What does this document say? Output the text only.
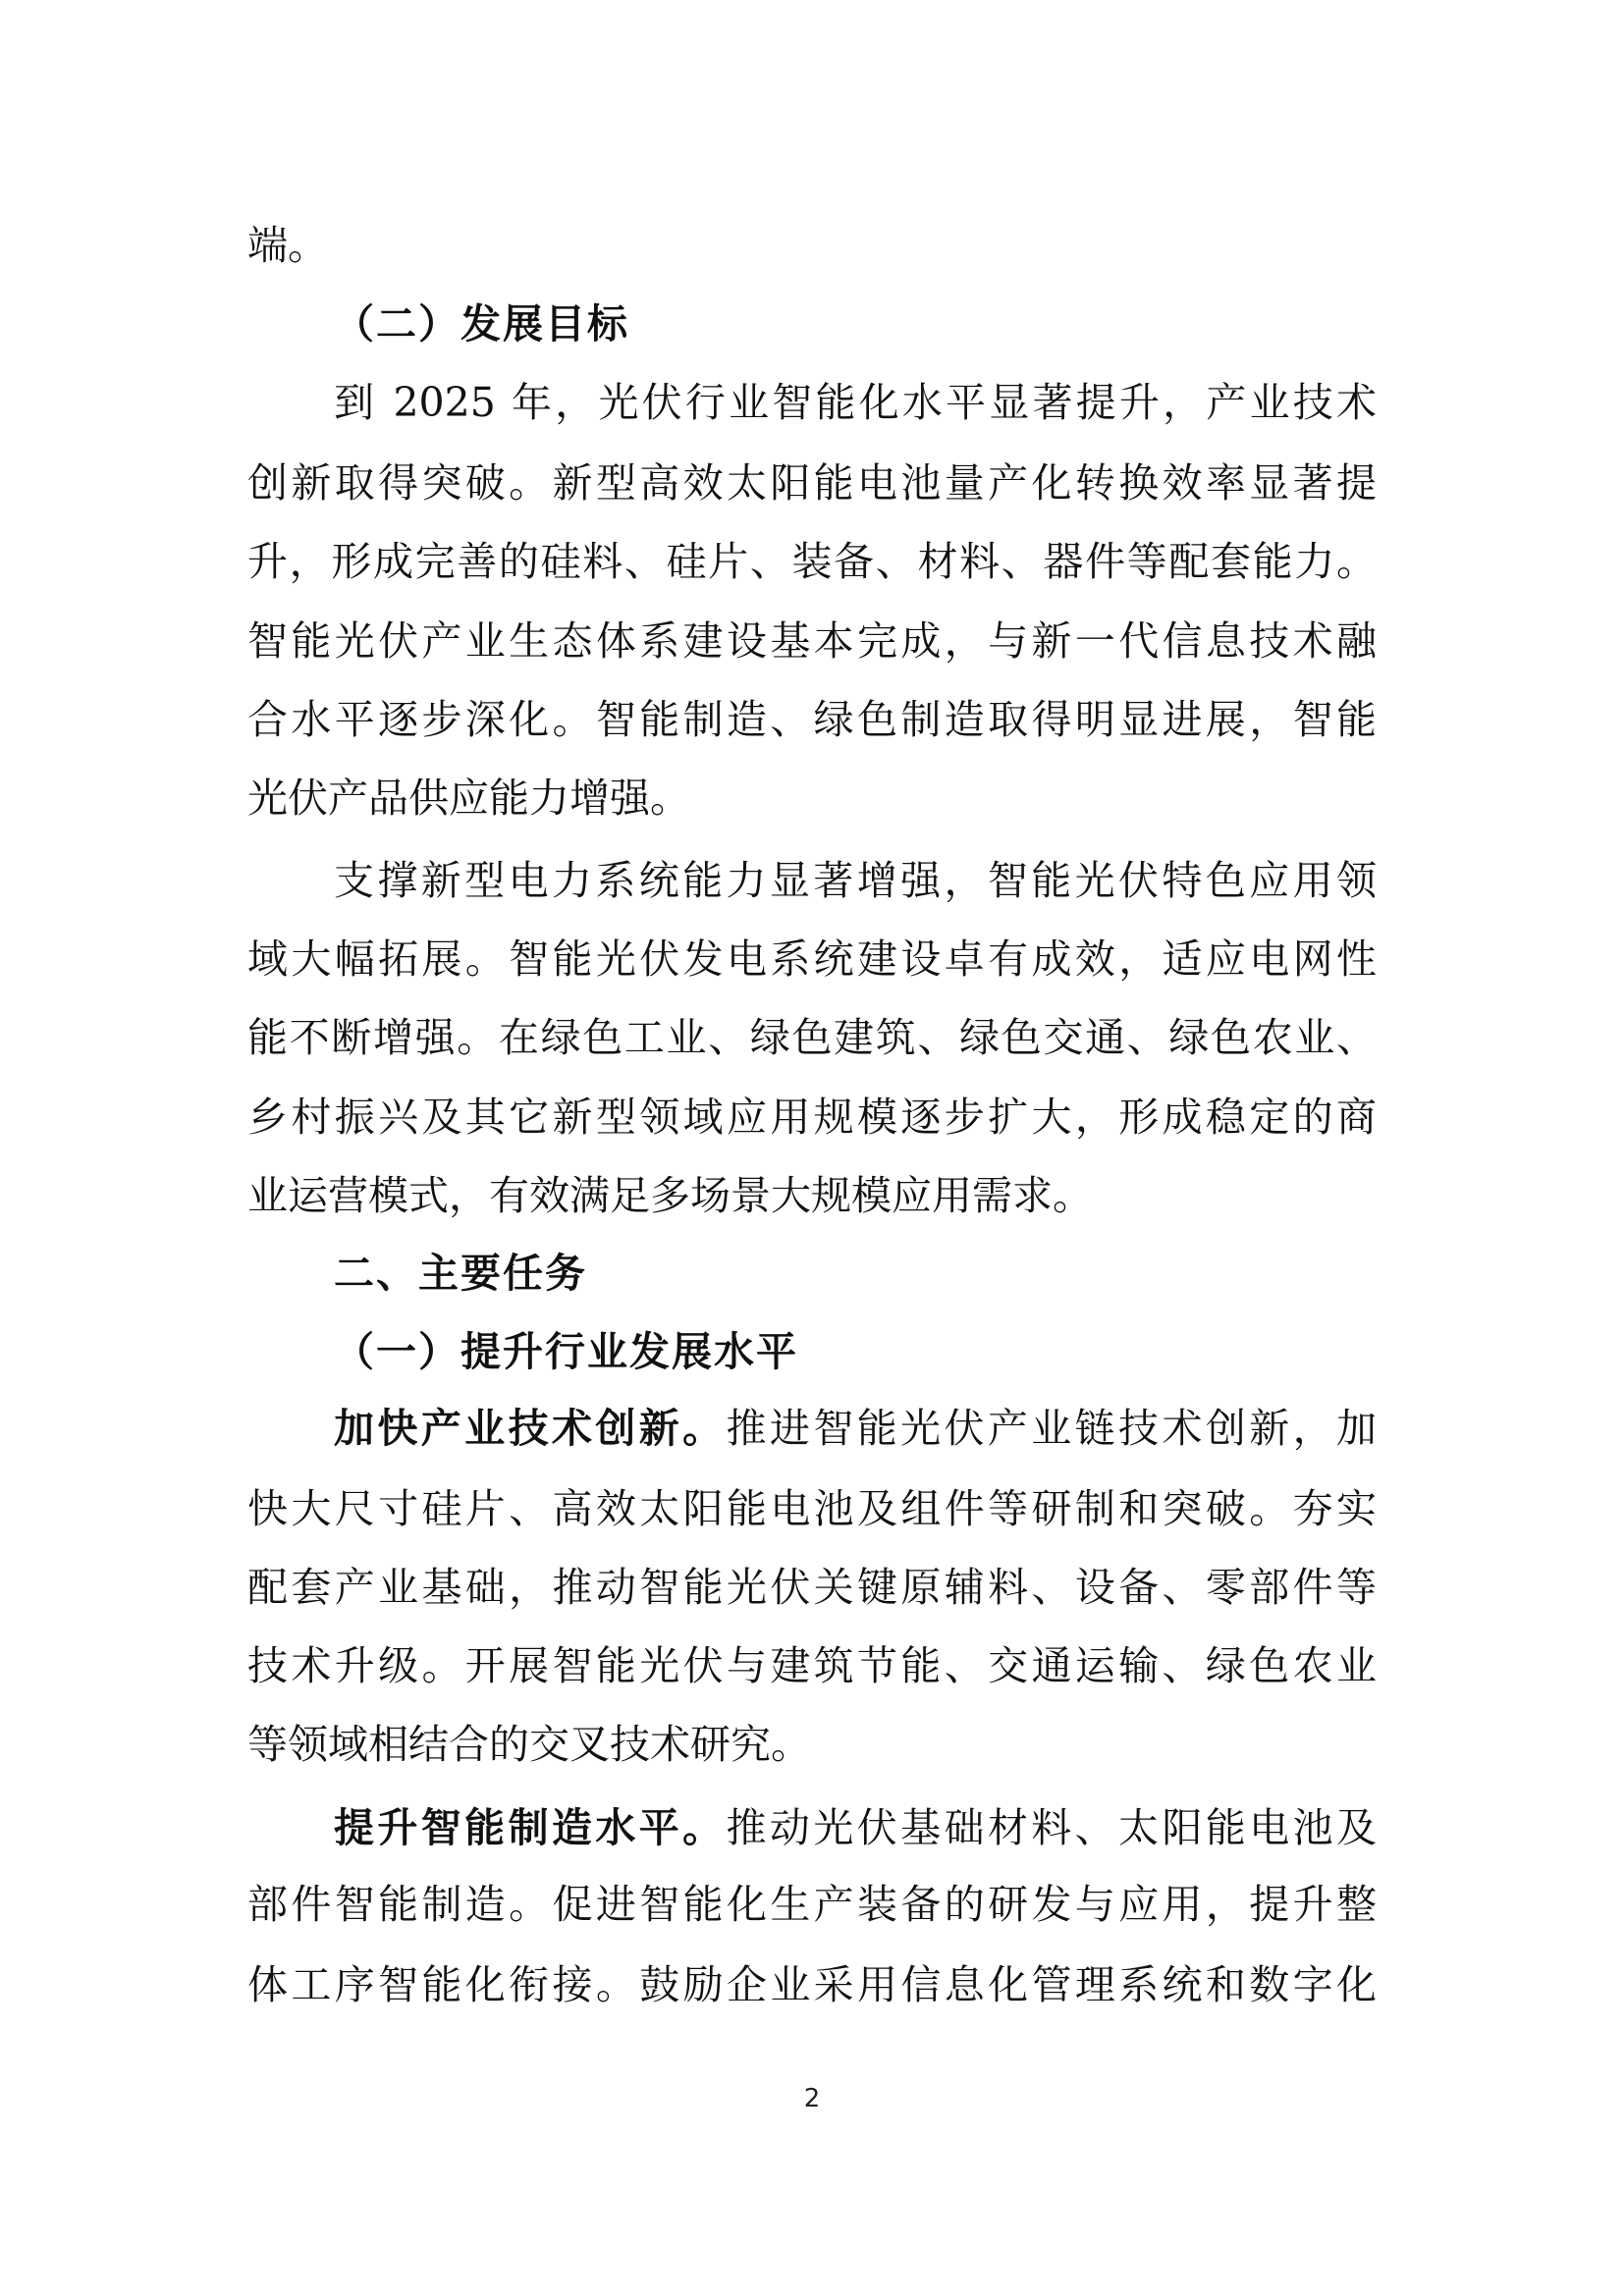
端。
（二）发展目标
到 2025 年，光伏行业智能化水平显著提升，产业技术
创新取得突破。新型高效太阳能电池量产化转换效率显著提
升，形成完善的硅料、硅片、装备、材料、器件等配套能力。
智能光伏产业生态体系建设基本完成，与新一代信息技术融
合水平逐步深化。智能制造、绿色制造取得明显进展，智能
光伏产品供应能力增强。
支撑新型电力系统能力显著增强，智能光伏特色应用领
域大幅拓展。智能光伏发电系统建设卓有成效，适应电网性
能不断增强。在绿色工业、绿色建筑、绿色交通、绿色农业、
乡村振兴及其它新型领域应用规模逐步扩大，形成稳定的商
业运营模式，有效满足多场景大规模应用需求。
二、主要任务
（一）提升行业发展水平
加快产业技术创新。推进智能光伏产业链技术创新，加
快大尺寸硅片、高效太阳能电池及组件等研制和突破。夯实
配套产业基础，推动智能光伏关键原辅料、设备、零部件等
技术升级。开展智能光伏与建筑节能、交通运输、绿色农业
等领域相结合的交叉技术研究。
提升智能制造水平。推动光伏基础材料、太阳能电池及
部件智能制造。促进智能化生产装备的研发与应用，提升整
体工序智能化衔接。鼓励企业采用信息化管理系统和数字化
2
